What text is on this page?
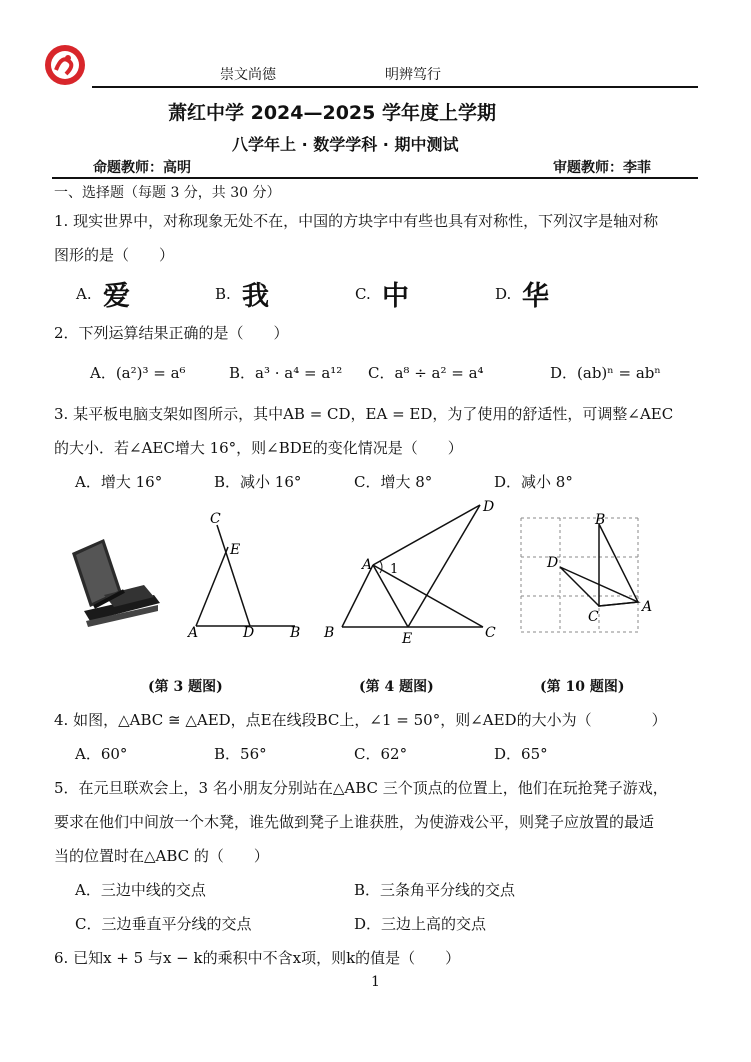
崇文尚德	明辨笃行
萧红中学 2024—2025 学年度上学期
八学年上 · 数学学科 · 期中测试
命题教师：高明	审题教师：李菲
一、选择题（每题 3 分，共 30 分）
1. 现实世界中，对称现象无处不在，中国的方块字中有些也具有对称性，下列汉字是轴对称
图形的是（　　）
A. 爱	B. 我	C. 中	D. 华
2．下列运算结果正确的是（　　）
A．(a²)³ = a⁶	B．a³ · a⁴ = a¹² C．a⁸ ÷ a² = a⁴	D．(ab)ⁿ = abⁿ
3. 某平板电脑支架如图所示，其中AB = CD，EA = ED，为了使用的舒适性，可调整∠AEC
的大小．若∠AEC增大 16°，则∠BDE的变化情况是（　　）
A．增大 16°	B．减小 16°	C．增大 8°	D．减小 8°
C
E
A	D	B
D
A 1
B	E	C
B
D
C
A
(第 3 题图)	(第 4 题图)	(第 10 题图)
4. 如图，△ABC ≅ △AED，点E在线段BC上，∠1 = 50°，则∠AED的大小为（　　　　）
A．60°	B．56°	C．62°	D．65°
5．在元旦联欢会上，3 名小朋友分别站在△ABC 三个顶点的位置上，他们在玩抢凳子游戏，
要求在他们中间放一个木凳，谁先做到凳子上谁获胜，为使游戏公平，则凳子应放置的最适
当的位置时在△ABC 的（　　）
A．三边中线的交点	B．三条角平分线的交点
C．三边垂直平分线的交点	D．三边上高的交点
6. 已知x + 5 与x − k的乘积中不含x项，则k的值是（　　）
1
